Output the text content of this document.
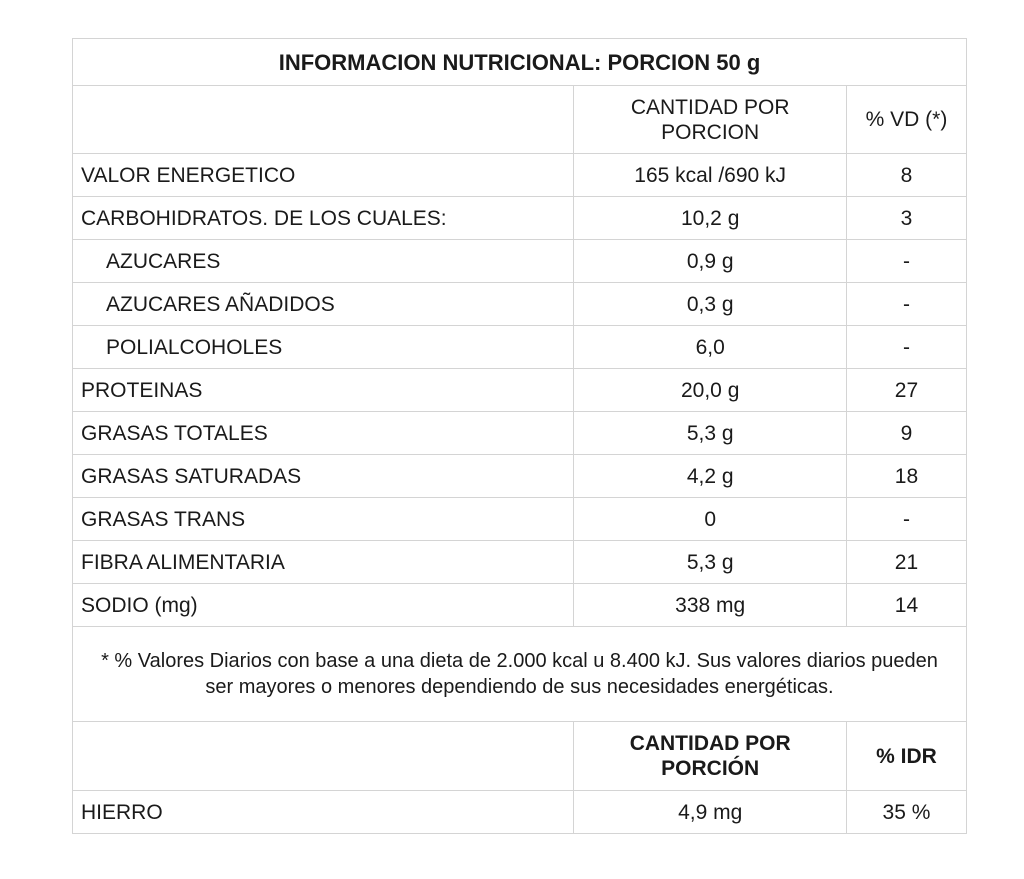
INFORMACION NUTRICIONAL: PORCION 50 g		
	CANTIDAD POR PORCION	% VD (*)
VALOR ENERGETICO	165 kcal /690 kJ	8
CARBOHIDRATOS. DE LOS CUALES:	10,2 g	3
AZUCARES	0,9 g	-
AZUCARES AÑADIDOS	0,3 g	-
POLIALCOHOLES	6,0	-
PROTEINAS	20,0 g	27
GRASAS TOTALES	5,3 g	9
GRASAS SATURADAS	4,2 g	18
GRASAS TRANS	0	-
FIBRA ALIMENTARIA	5,3 g	21
SODIO (mg)	338 mg	14
* % Valores Diarios con base a una dieta de 2.000 kcal u 8.400 kJ. Sus valores diarios pueden ser mayores o menores dependiendo de sus necesidades energéticas.		
	CANTIDAD POR PORCIÓN	% IDR
HIERRO	4,9 mg	35 %
